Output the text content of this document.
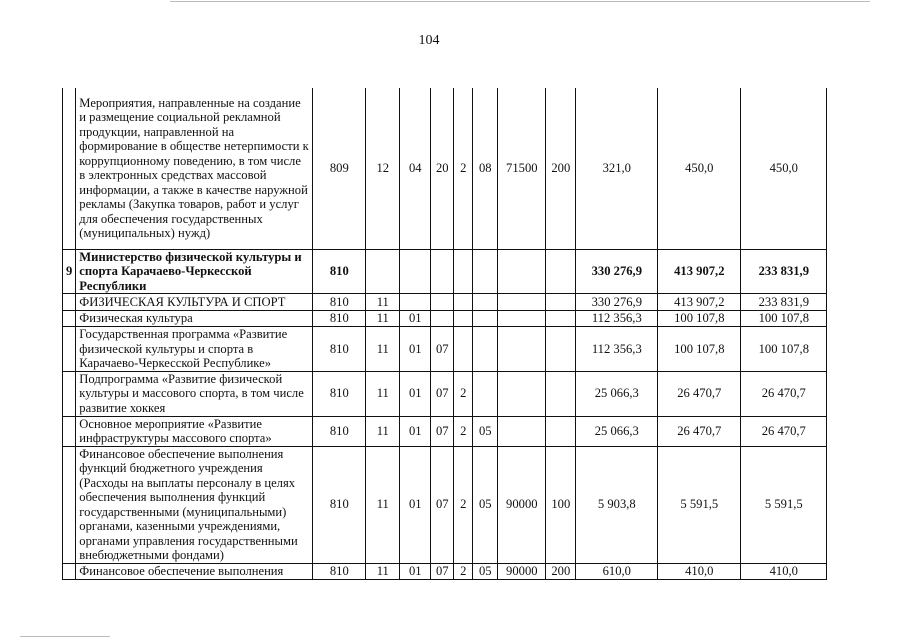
104
	Мероприятия, направленные на создание и размещение социальной рекламной продукции, направленной на формирование в обществе нетерпимости к коррупционному поведению, в том числе в электронных средствах массовой информации, а также в качестве наружной рекламы (Закупка товаров, работ и услуг для обеспечения государственных (муниципальных) нужд)	809	12	04	20	2	08	71500	200	321,0	450,0	450,0
9	Министерство физической культуры и спорта Карачаево-Черкесской Республики	810								330 276,9	413 907,2	233 831,9
	ФИЗИЧЕСКАЯ КУЛЬТУРА И СПОРТ	810	11							330 276,9	413 907,2	233 831,9
	Физическая культура	810	11	01						112 356,3	100 107,8	100 107,8
	Государственная программа «Развитие физической культуры и спорта в Карачаево-Черкесской Республике»	810	11	01	07					112 356,3	100 107,8	100 107,8
	Подпрограмма «Развитие физической культуры и массового спорта, в том числе развитие хоккея	810	11	01	07	2				25 066,3	26 470,7	26 470,7
	Основное мероприятие «Развитие инфраструктуры массового спорта»	810	11	01	07	2	05			25 066,3	26 470,7	26 470,7
	Финансовое обеспечение выполнения функций бюджетного учреждения (Расходы на выплаты персоналу в целях обеспечения выполнения функций государственными (муниципальными) органами, казенными учреждениями, органами управления государственными внебюджетными фондами)	810	11	01	07	2	05	90000	100	5 903,8	5 591,5	5 591,5
	Финансовое обеспечение выполнения	810	11	01	07	2	05	90000	200	610,0	410,0	410,0
